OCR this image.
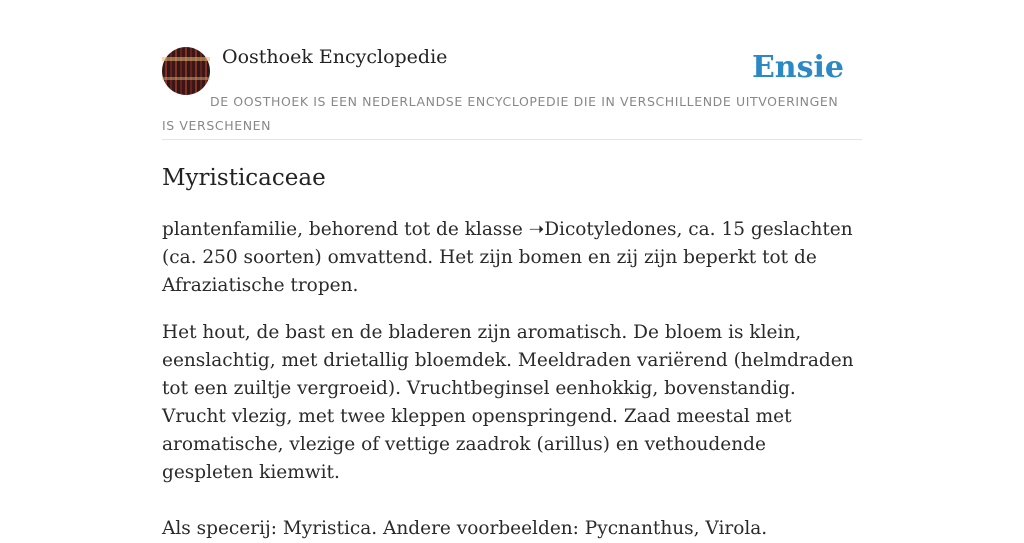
Oosthoek Encyclopedie	Ensie
DE OOSTHOEK IS EEN NEDERLANDSE ENCYCLOPEDIE DIE IN VERSCHILLENDE UITVOERINGEN IS VERSCHENEN
Myristicaceae

plantenfamilie, behorend tot de klasse ➝Dicotyledones, ca. 15 geslachten (ca. 250 soorten) omvattend. Het zijn bomen en zij zijn beperkt tot de Afraziatische tropen.

Het hout, de bast en de bladeren zijn aromatisch. De bloem is klein, eenslachtig, met drietallig bloemdek. Meeldraden variërend (helmdraden tot een zuiltje vergroeid). Vruchtbeginsel eenhokkig, bovenstandig. Vrucht vlezig, met twee kleppen openspringend. Zaad meestal met aromatische, vlezige of vettige zaadrok (arillus) en vethoudende gespleten kiemwit.

Als specerij: Myristica. Andere voorbeelden: Pycnanthus, Virola.
